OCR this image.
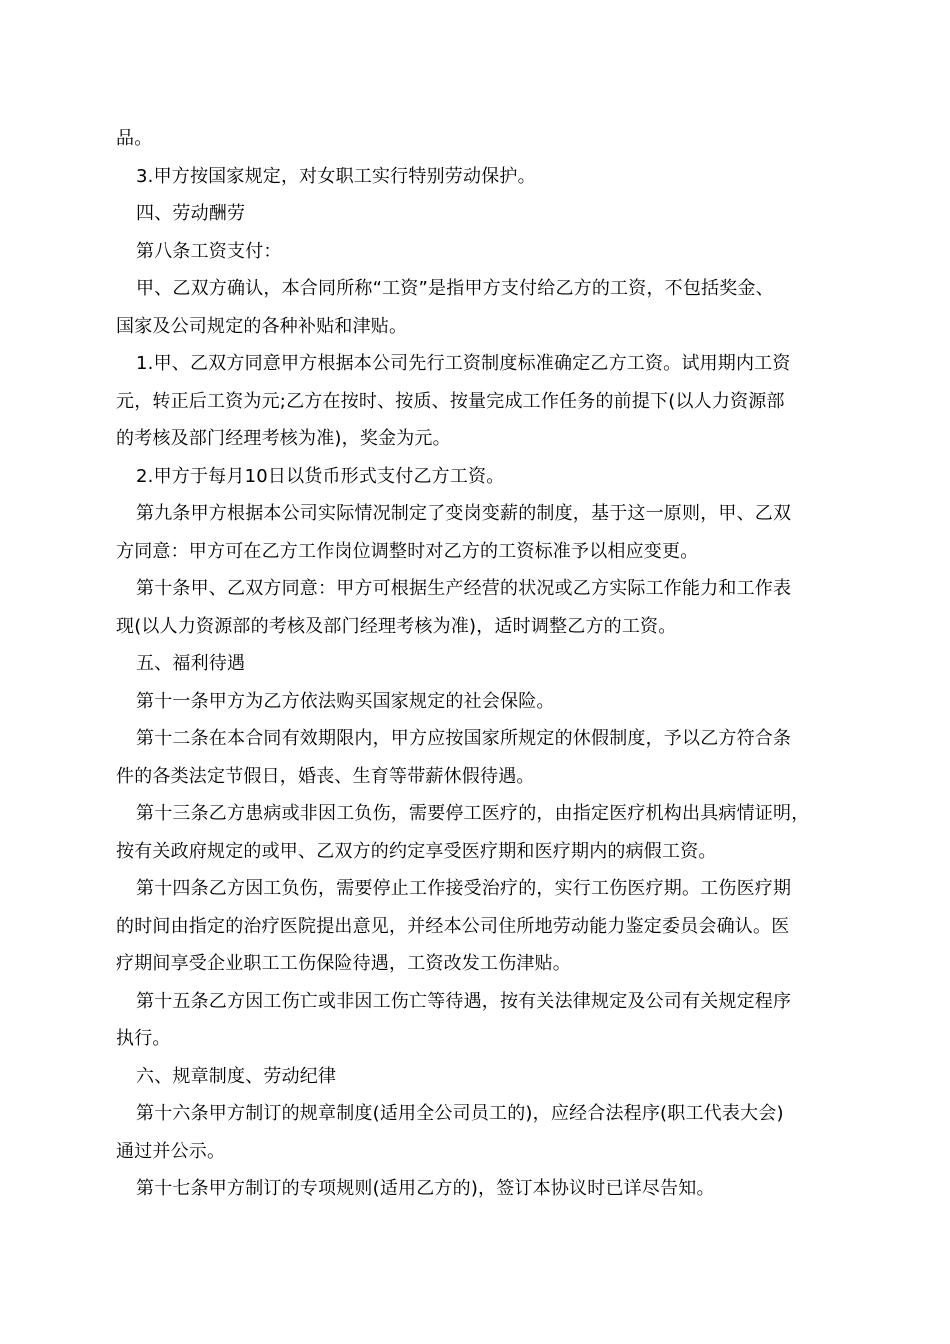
品。
3.甲方按国家规定，对女职工实行特别劳动保护。
四、劳动酬劳
第八条工资支付：
甲、乙双方确认，本合同所称“工资”是指甲方支付给乙方的工资，不包括奖金、
国家及公司规定的各种补贴和津贴。
1.甲、乙双方同意甲方根据本公司先行工资制度标准确定乙方工资。试用期内工资
元，转正后工资为元;乙方在按时、按质、按量完成工作任务的前提下(以人力资源部
的考核及部门经理考核为准)，奖金为元。
2.甲方于每月10日以货币形式支付乙方工资。
第九条甲方根据本公司实际情况制定了变岗变薪的制度，基于这一原则，甲、乙双
方同意：甲方可在乙方工作岗位调整时对乙方的工资标准予以相应变更。
第十条甲、乙双方同意：甲方可根据生产经营的状况或乙方实际工作能力和工作表
现(以人力资源部的考核及部门经理考核为准)，适时调整乙方的工资。
五、福利待遇
第十一条甲方为乙方依法购买国家规定的社会保险。
第十二条在本合同有效期限内，甲方应按国家所规定的休假制度，予以乙方符合条
件的各类法定节假日，婚丧、生育等带薪休假待遇。
第十三条乙方患病或非因工负伤，需要停工医疗的，由指定医疗机构出具病情证明，
按有关政府规定的或甲、乙双方的约定享受医疗期和医疗期内的病假工资。
第十四条乙方因工负伤，需要停止工作接受治疗的，实行工伤医疗期。工伤医疗期
的时间由指定的治疗医院提出意见，并经本公司住所地劳动能力鉴定委员会确认。医
疗期间享受企业职工工伤保险待遇，工资改发工伤津贴。
第十五条乙方因工伤亡或非因工伤亡等待遇，按有关法律规定及公司有关规定程序
执行。
六、规章制度、劳动纪律
第十六条甲方制订的规章制度(适用全公司员工的)，应经合法程序(职工代表大会)
通过并公示。
第十七条甲方制订的专项规则(适用乙方的)，签订本协议时已详尽告知。
